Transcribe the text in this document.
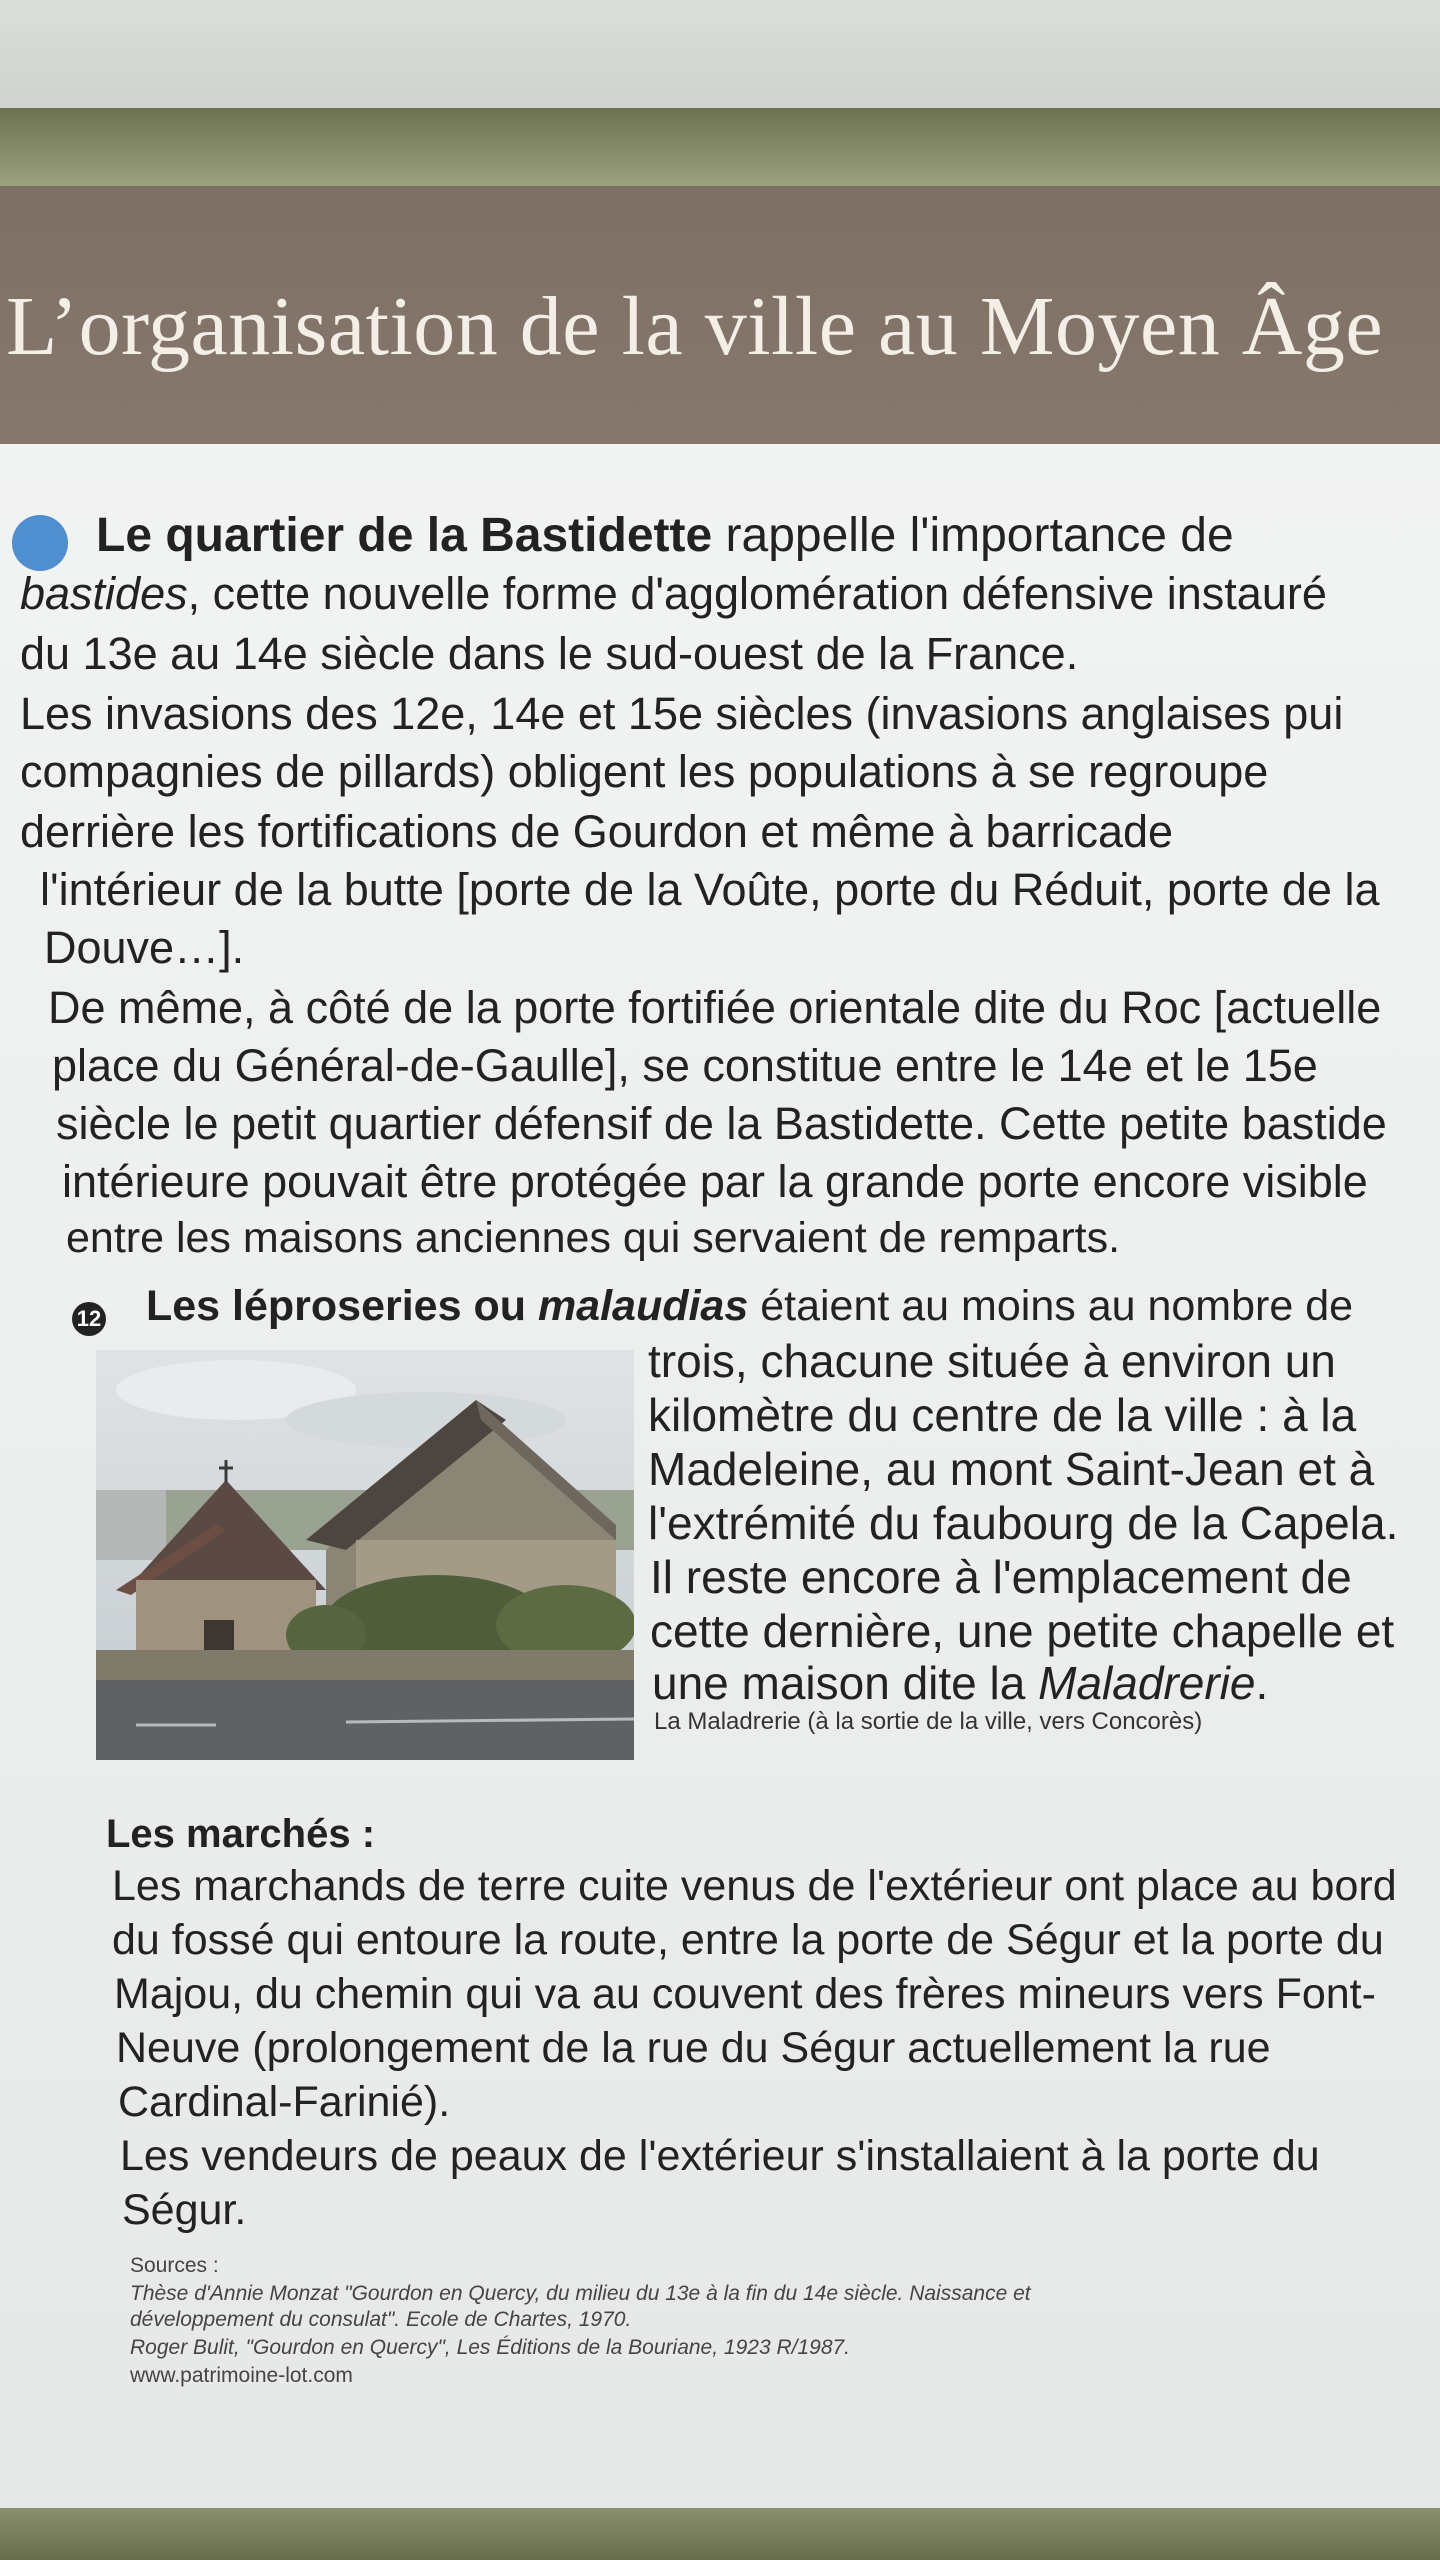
L’organisation de la ville au Moyen Âge
Le quartier de la Bastidette rappelle l'importance de
bastides, cette nouvelle forme d'agglomération défensive instauré
du 13e au 14e siècle dans le sud-ouest de la France.
Les invasions des 12e, 14e et 15e siècles (invasions anglaises pui
compagnies de pillards) obligent les populations à se regroupe
derrière les fortifications de Gourdon et même à barricade
l'intérieur de la butte [porte de la Voûte, porte du Réduit, porte de la
Douve…].
De même, à côté de la porte fortifiée orientale dite du Roc [actuelle
place du Général-de-Gaulle], se constitue entre le 14e et le 15e
siècle le petit quartier défensif de la Bastidette. Cette petite bastide
intérieure pouvait être protégée par la grande porte encore visible
entre les maisons anciennes qui servaient de remparts.
12 Les léproseries ou malaudias étaient au moins au nombre de
trois, chacune située à environ un
kilomètre du centre de la ville : à la
Madeleine, au mont Saint-Jean et à
l'extrémité du faubourg de la Capela.
Il reste encore à l'emplacement de
cette dernière, une petite chapelle et
une maison dite la Maladrerie.
La Maladrerie (à la sortie de la ville, vers Concorès)
Les marchés :
Les marchands de terre cuite venus de l'extérieur ont place au bord
du fossé qui entoure la route, entre la porte de Ségur et la porte du
Majou, du chemin qui va au couvent des frères mineurs vers Font-
Neuve (prolongement de la rue du Ségur actuellement la rue
Cardinal-Farinié).
Les vendeurs de peaux de l'extérieur s'installaient à la porte du
Ségur.
Sources :
Thèse d'Annie Monzat "Gourdon en Quercy, du milieu du 13e à la fin du 14e siècle. Naissance et
développement du consulat". Ecole de Chartes, 1970.
Roger Bulit, "Gourdon en Quercy", Les Éditions de la Bouriane, 1923 R/1987.
www.patrimoine-lot.com
